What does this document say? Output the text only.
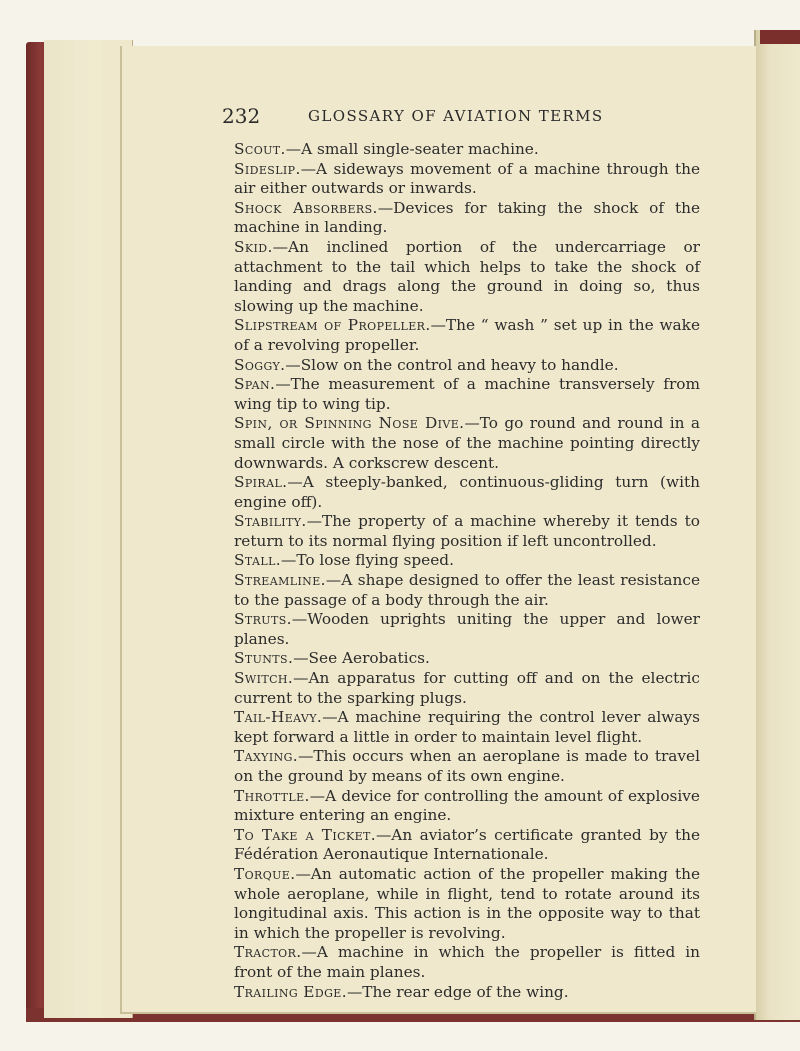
232	GLOSSARY OF AVIATION TERMS

Scout.—A small single-seater machine.

Sideslip.—A sideways movement of a machine through the air either outwards or inwards.

Shock Absorbers.—Devices for taking the shock of the machine in landing.

Skid.—An inclined portion of the undercarriage or attachment to the tail which helps to take the shock of landing and drags along the ground in doing so, thus slowing up the machine.

Slipstream of Propeller.—The “ wash ” set up in the wake of a revolving propeller.

Soggy.—Slow on the control and heavy to handle.

Span.—The measurement of a machine transversely from wing tip to wing tip.

Spin, or Spinning Nose Dive.—To go round and round in a small circle with the nose of the machine pointing directly downwards. A corkscrew descent.

Spiral.—A steeply-banked, continuous-gliding turn (with engine off).

Stability.—The property of a machine whereby it tends to return to its normal flying position if left uncontrolled.

Stall.—To lose flying speed.

Streamline.—A shape designed to offer the least resistance to the passage of a body through the air.

Struts.—Wooden uprights uniting the upper and lower planes.

Stunts.—See Aerobatics.

Switch.—An apparatus for cutting off and on the electric current to the sparking plugs.

Tail-Heavy.—A machine requiring the control lever always kept forward a little in order to maintain level flight.

Taxying.—This occurs when an aeroplane is made to travel on the ground by means of its own engine.

Throttle.—A device for controlling the amount of explosive mixture entering an engine.

To Take a Ticket.—An aviator’s certificate granted by the Fédération Aeronautique Internationale.

Torque.—An automatic action of the propeller making the whole aeroplane, while in flight, tend to rotate around its longitudinal axis. This action is in the opposite way to that in which the propeller is revolving.

Tractor.—A machine in which the propeller is fitted in front of the main planes.

Trailing Edge.—The rear edge of the wing.
